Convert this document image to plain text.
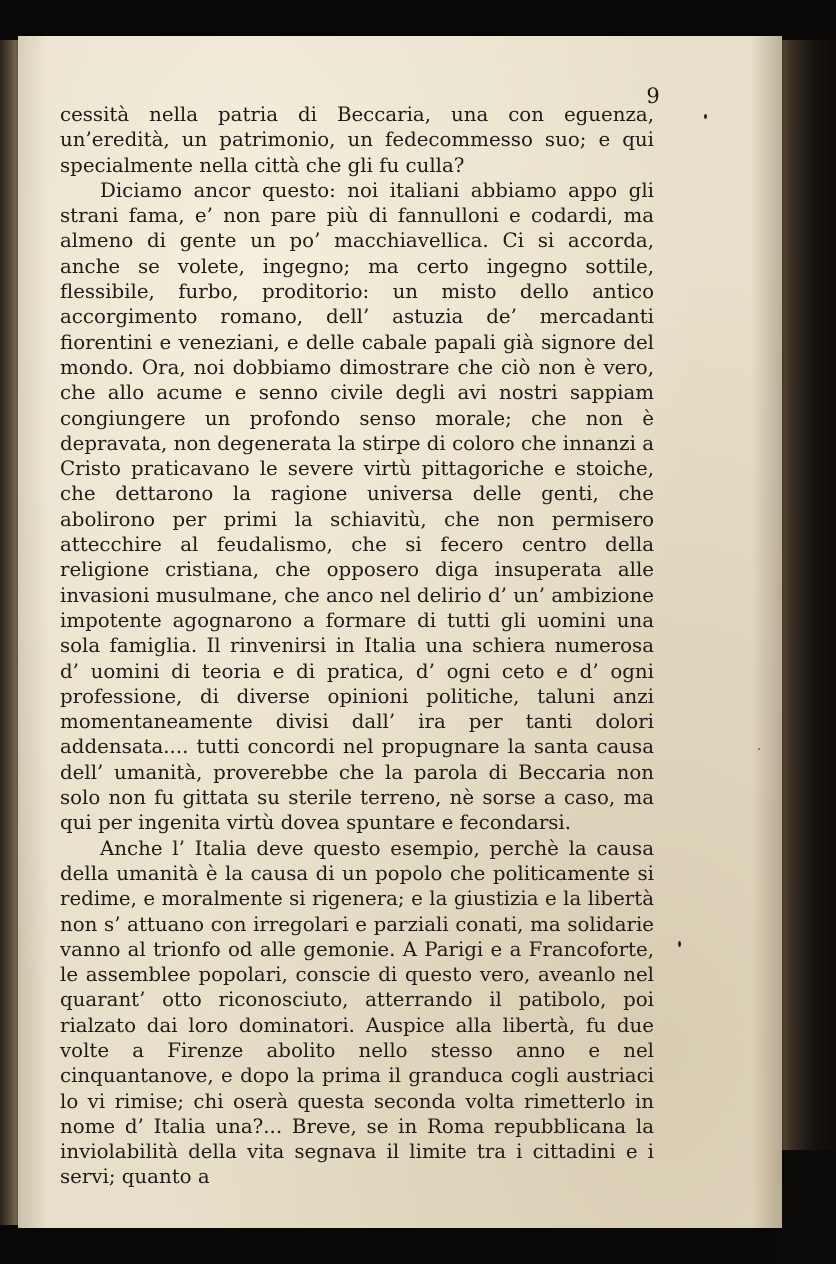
9

cessità nella patria di Beccaria, una con eguenza, un’eredità, un patrimonio, un fedecommesso suo; e qui specialmente nella città che gli fu culla?

Diciamo ancor questo: noi italiani abbiamo appo gli strani fama, e’ non pare più di fannulloni e codardi, ma almeno di gente un po’ macchiavellica. Ci si accorda, anche se volete, ingegno; ma certo ingegno sottile, flessibile, furbo, proditorio: un misto dello antico accorgimento romano, dell’ astuzia de’ mercadanti fiorentini e veneziani, e delle cabale papali già signore del mondo. Ora, noi dobbiamo dimostrare che ciò non è vero, che allo acume e senno civile degli avi nostri sappiam congiungere un profondo senso morale; che non è depravata, non degenerata la stirpe di coloro che innanzi a Cristo praticavano le severe virtù pittagoriche e stoiche, che dettarono la ragione universa delle genti, che abolirono per primi la schiavitù, che non permisero attecchire al feudalismo, che si fecero centro della religione cristiana, che opposero diga insuperata alle invasioni musulmane, che anco nel delirio d’ un’ ambizione impotente agognarono a formare di tutti gli uomini una sola famiglia. Il rinvenirsi in Italia una schiera numerosa d’ uomini di teoria e di pratica, d’ ogni ceto e d’ ogni professione, di diverse opinioni politiche, taluni anzi momentaneamente divisi dall’ ira per tanti dolori addensata.... tutti concordi nel propugnare la santa causa dell’ umanità, proverebbe che la parola di Beccaria non solo non fu gittata su sterile terreno, nè sorse a caso, ma qui per ingenita virtù dovea spuntare e fecondarsi.

Anche l’ Italia deve questo esempio, perchè la causa della umanità è la causa di un popolo che politicamente si redime, e moralmente si rigenera; e la giustizia e la libertà non s’ attuano con irregolari e parziali conati, ma solidarie vanno al trionfo od alle gemonie. A Parigi e a Francoforte, le assemblee popolari, conscie di questo vero, aveanlo nel quarant’ otto riconosciuto, atterrando il patibolo, poi rialzato dai loro dominatori. Auspice alla libertà, fu due volte a Firenze abolito nello stesso anno e nel cinquantanove, e dopo la prima il granduca cogli austriaci lo vi rimise; chi oserà questa seconda volta rimetterlo in nome d’ Italia una?... Breve, se in Roma repubblicana la inviolabilità della vita segnava il limite tra i cittadini e i servi; quanto a
